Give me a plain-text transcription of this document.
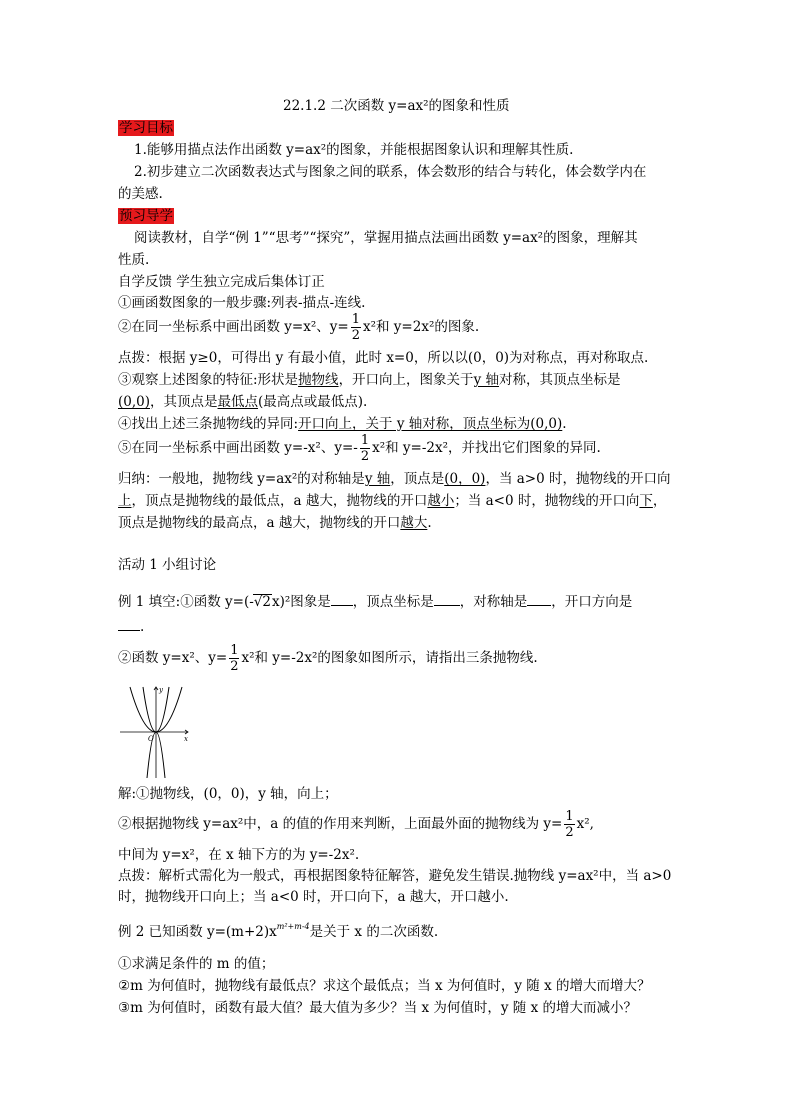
22.1.2 二次函数 y=ax²的图象和性质
学习目标
1.能够用描点法作出函数 y=ax²的图象，并能根据图象认识和理解其性质.
2.初步建立二次函数表达式与图象之间的联系，体会数形的结合与转化，体会数学内在
的美感.
预习导学
阅读教材，自学“例 1”“思考”“探究”，掌握用描点法画出函数 y=ax²的图象，理解其
性质.
自学反馈 学生独立完成后集体订正
①画函数图象的一般步骤:列表-描点-连线.
②在同一坐标系中画出函数 y=x²、$y= \frac{1}{2} x^2$和 y=2x²的图象.
点拨：根据 y≥0，可得出 y 有最小值，此时 x=0，所以以(0，0)为对称点，再对称取点.
③观察上述图象的特征:形状是抛物线，开口向上，图象关于y 轴对称，其顶点坐标是
(0,0)，其顶点是最低点(最高点或最低点).
④找出上述三条抛物线的异同:开口向上，关于 y 轴对称，顶点坐标为(0,0).
⑤在同一坐标系中画出函数 y=-x²、$y=- \frac{1}{2} x^2$和 y=-2x²，并找出它们图象的异同.
归纳：一般地，抛物线 y=ax²的对称轴是y 轴，顶点是(0，0)，当 a>0 时，抛物线的开口向
上，顶点是抛物线的最低点，a 越大，抛物线的开口越小；当 a<0 时，抛物线的开口向下，
顶点是抛物线的最高点，a 越大，抛物线的开口越大.
活动 1 小组讨论
例 1 填空:①函数 y=(-√2x)²图象是 ，顶点坐标是 ，对称轴是 ，开口方向是
.
②函数 y=x²、$y= \frac{1}{2} x^2$和 y=-2x²的图象如图所示，请指出三条抛物线.
y
x
O
解:①抛物线，(0，0)，y 轴，向上；
②根据抛物线 y=ax²中，a 的值的作用来判断，上面最外面的抛物线为 $y= \frac{1}{2} x^2$,
中间为 y=x²，在 x 轴下方的为 y=-2x².
点拨：解析式需化为一般式，再根据图象特征解答，避免发生错误.抛物线 y=ax²中，当 a>0
时，抛物线开口向上；当 a<0 时，开口向下，a 越大，开口越小.
例 2 已知函数 $y=(m+2)x^{m^2+m-4}$是关于 x 的二次函数.
①求满足条件的 m 的值；
②m 为何值时，抛物线有最低点？求这个最低点；当 x 为何值时，y 随 x 的增大而增大？
③m 为何值时，函数有最大值？最大值为多少？当 x 为何值时，y 随 x 的增大而减小？
